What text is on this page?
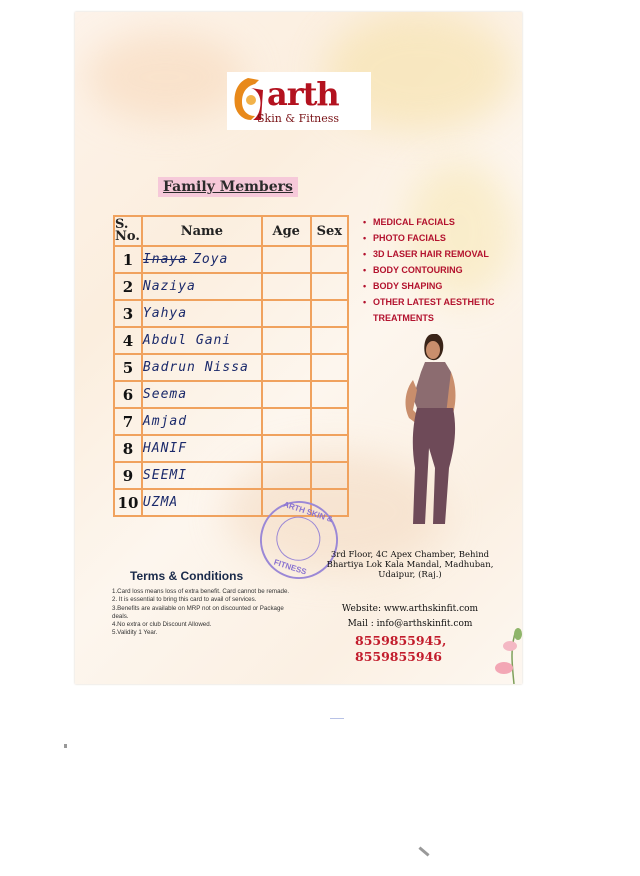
arth
Skin & Fitness
Family Members
S. No.	Name	Age	Sex
1	Inaya Zoya		
2	Naziya		
3	Yahya		
4	Abdul Gani		
5	Badrun Nissa		
6	Seema		
7	Amjad		
8	HANIF		
9	SEEMI		
10	UZMA		
• MEDICAL FACIALS
• PHOTO FACIALS
• 3D LASER HAIR REMOVAL
• BODY CONTOURING
• BODY SHAPING
• OTHER LATEST AESTHETIC TREATMENTS
ARTH SKIN &
FITNESS
Terms & Conditions
1.Card loss means loss of extra benefit. Card cannot be remade.
2. It is essential to bring this card to avail of services.
3.Benefits are available on MRP not on discounted or Package deals.
4.No extra or club Discount Allowed.
5.Validity 1 Year.
3rd Floor, 4C Apex Chamber, Behind Bhartiya Lok Kala Mandal, Madhuban, Udaipur, (Raj.)
Website: www.arthskinfit.com
Mail : info@arthskinfit.com
8559855945,
8559855946
